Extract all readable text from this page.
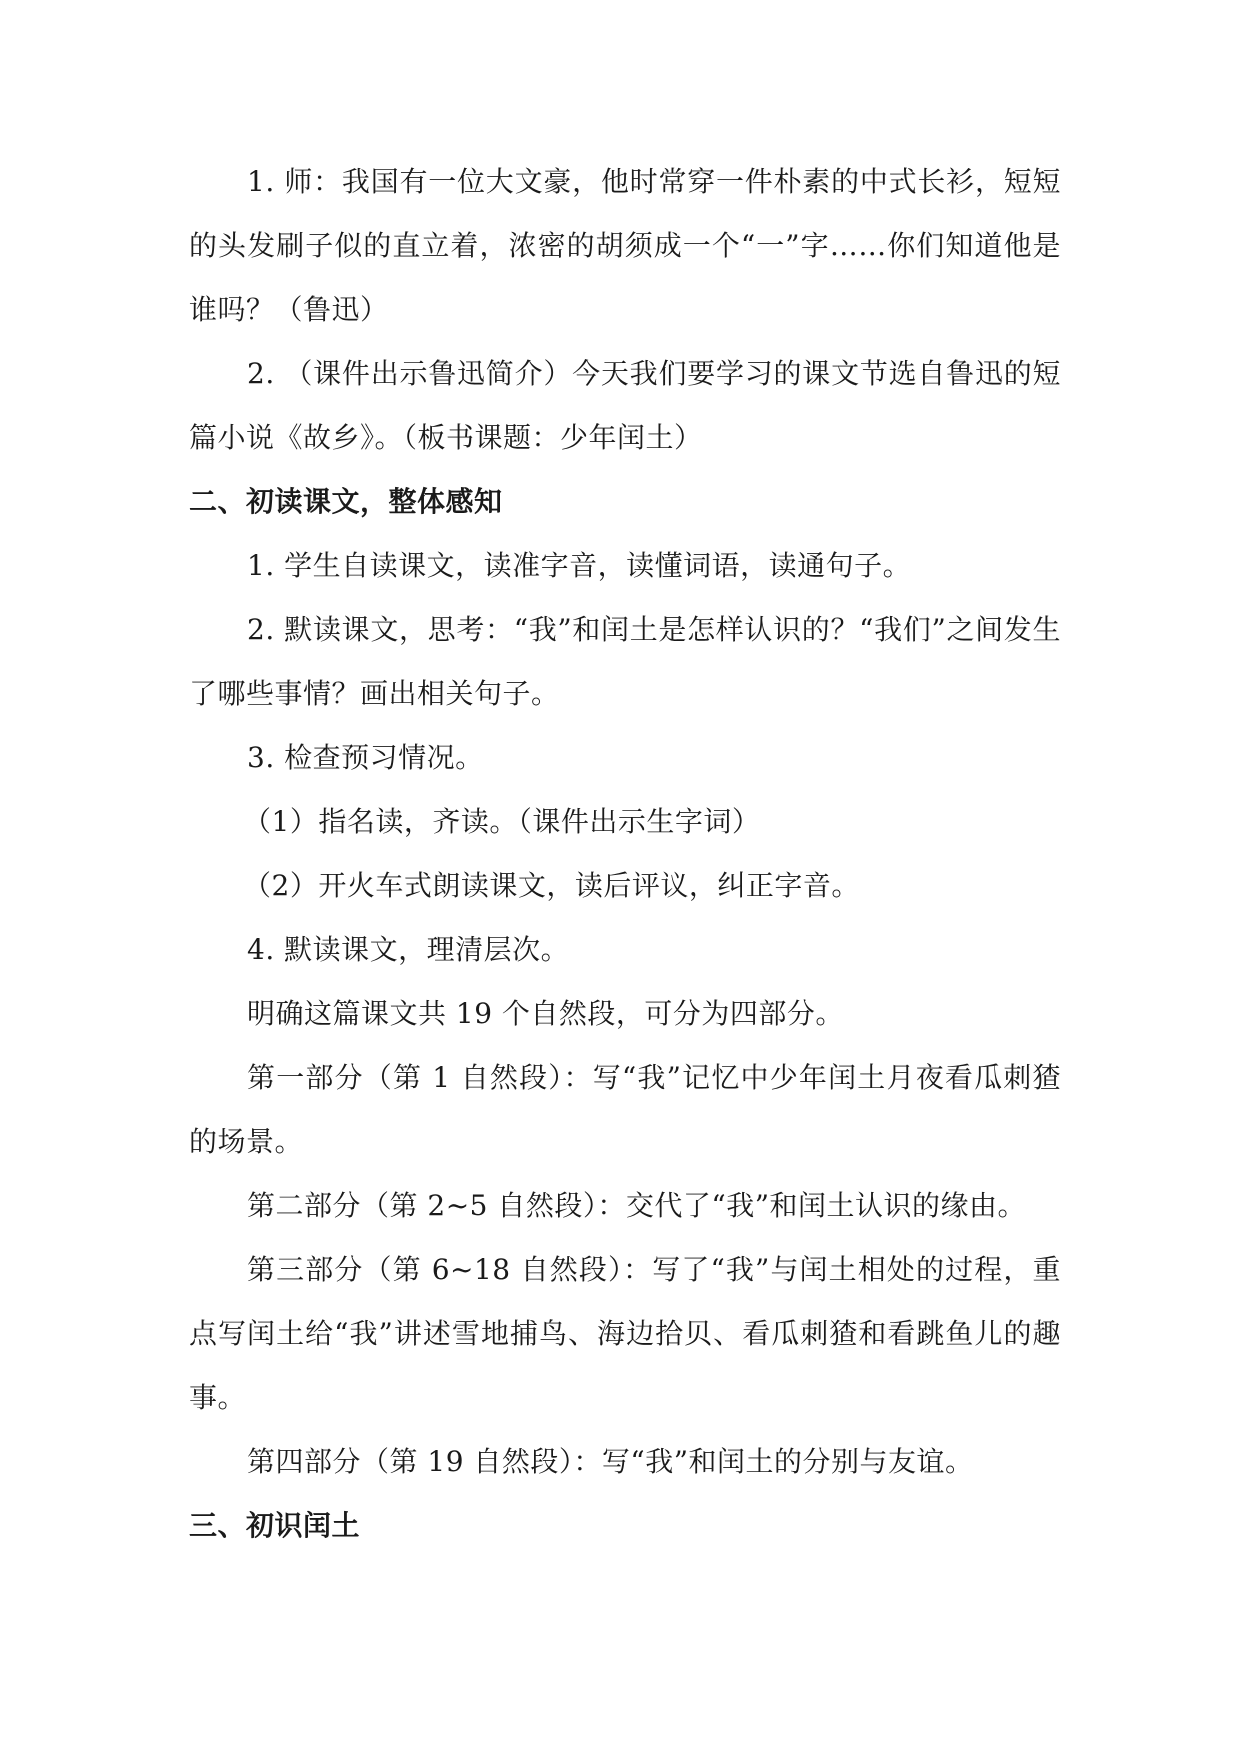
1. 师：我国有一位大文豪，他时常穿一件朴素的中式长衫，短短的头发刷子似的直立着，浓密的胡须成一个“一”字……你们知道他是谁吗？（鲁迅）

2. （课件出示鲁迅简介）今天我们要学习的课文节选自鲁迅的短篇小说《故乡》。（板书课题：少年闰土）

二、初读课文，整体感知

1. 学生自读课文，读准字音，读懂词语，读通句子。

2. 默读课文，思考：“我”和闰土是怎样认识的？“我们”之间发生了哪些事情？画出相关句子。

3. 检查预习情况。

（1）指名读，齐读。（课件出示生字词）

（2）开火车式朗读课文，读后评议，纠正字音。

4. 默读课文，理清层次。

明确这篇课文共 19 个自然段，可分为四部分。

第一部分（第 1 自然段）：写“我”记忆中少年闰土月夜看瓜刺猹的场景。

第二部分（第 2~5 自然段）：交代了“我”和闰土认识的缘由。

第三部分（第 6~18 自然段）：写了“我”与闰土相处的过程，重点写闰土给“我”讲述雪地捕鸟、海边拾贝、看瓜刺猹和看跳鱼儿的趣事。

第四部分（第 19 自然段）：写“我”和闰土的分别与友谊。

三、初识闰土
